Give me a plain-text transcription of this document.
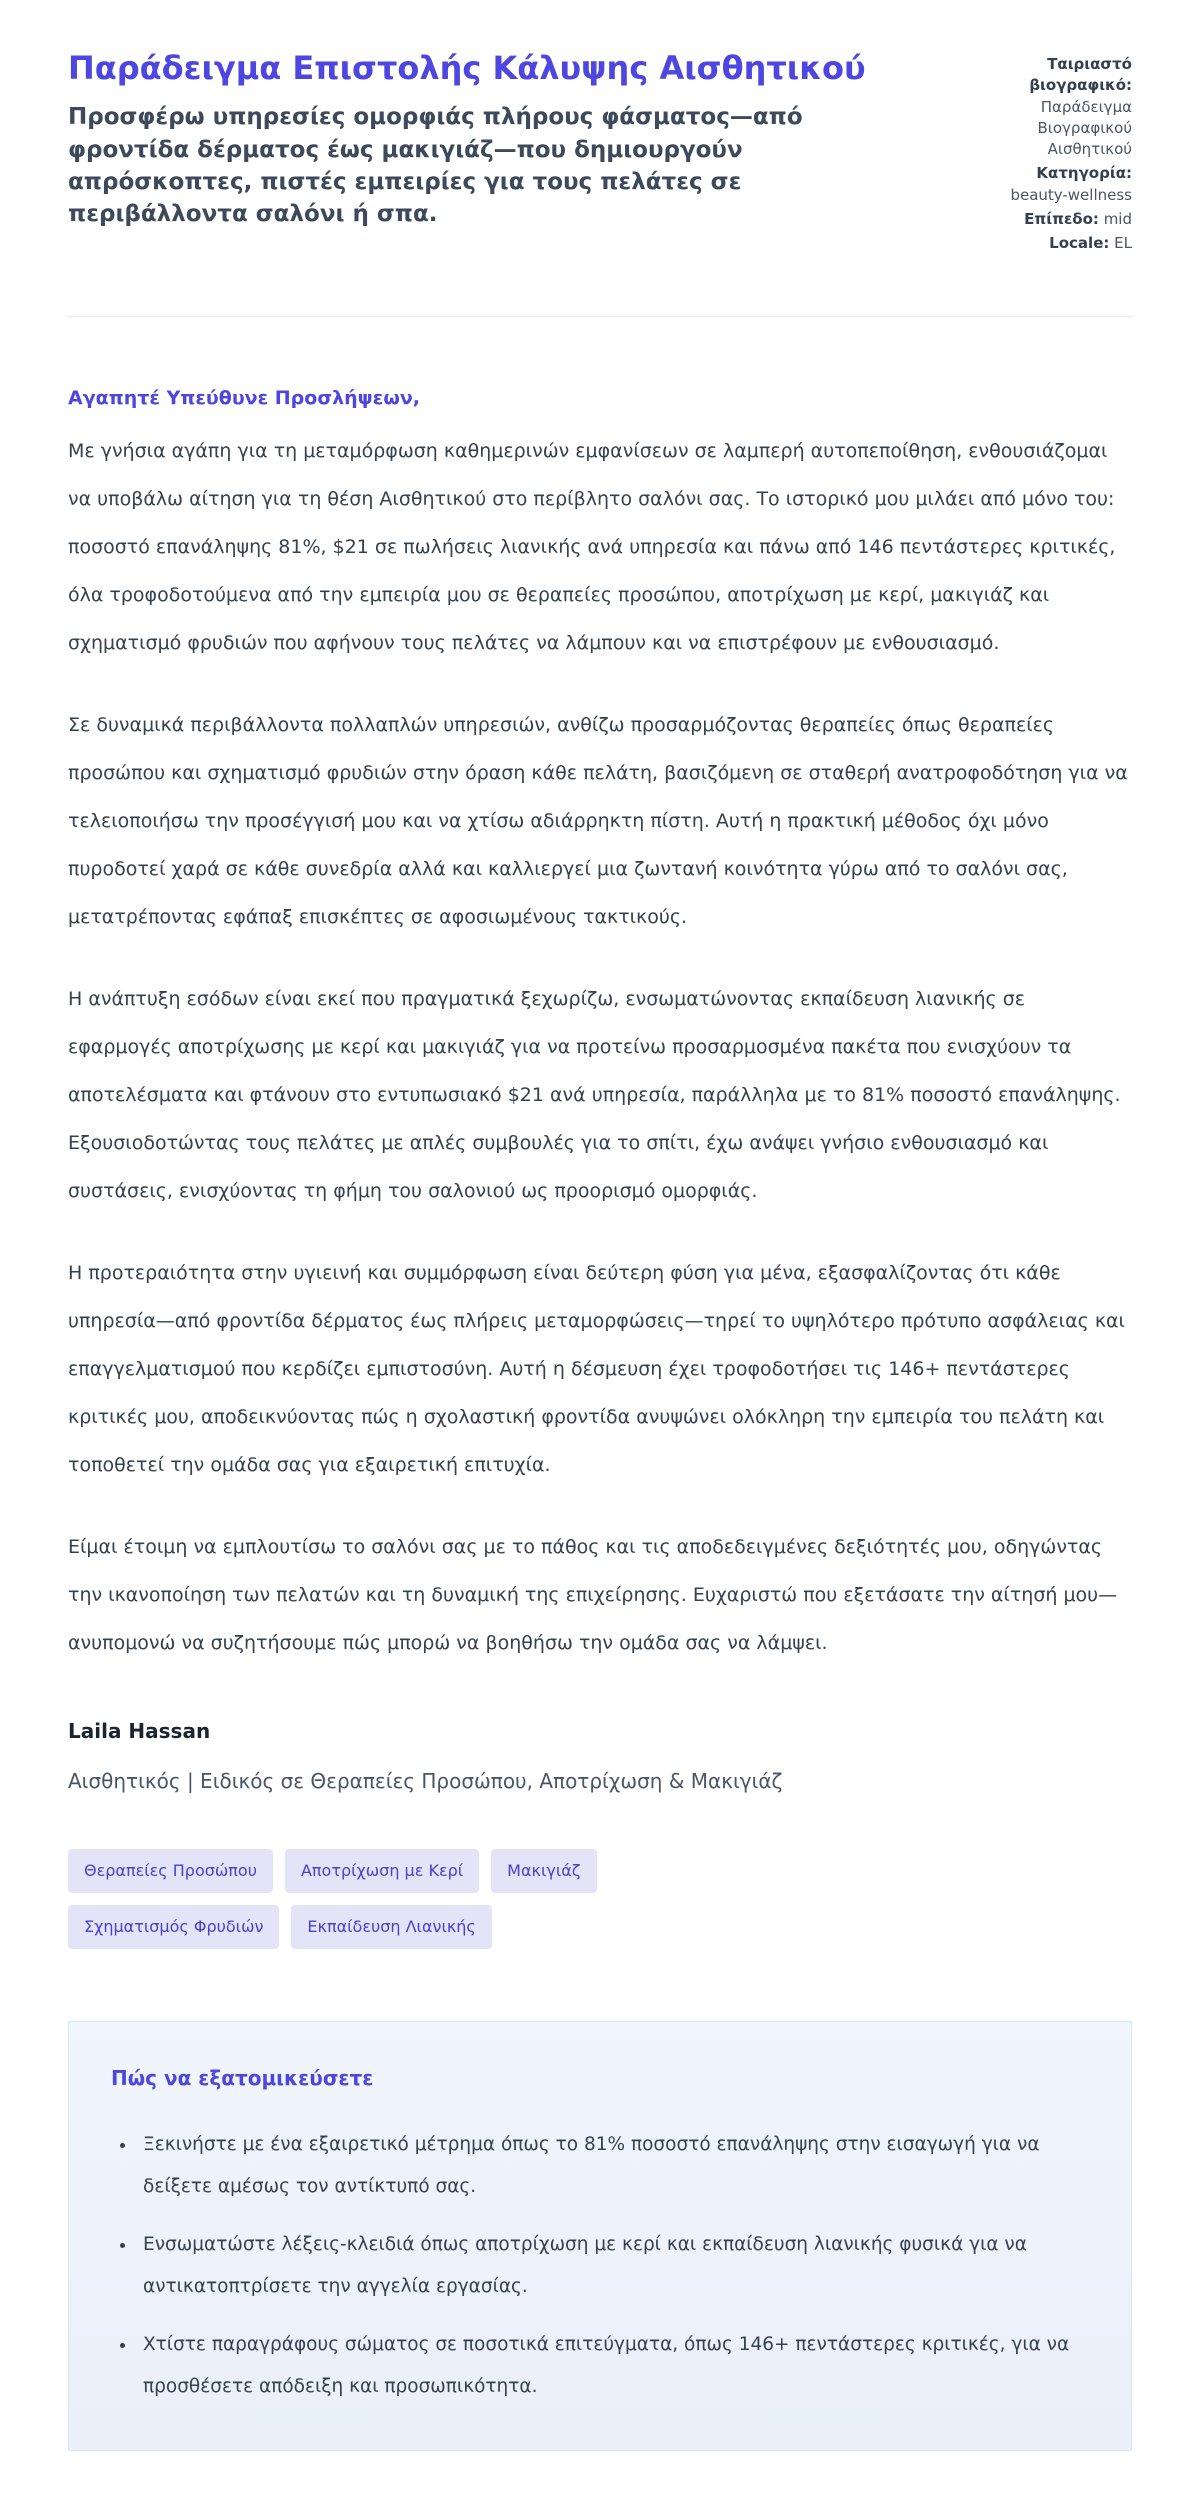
Παράδειγμα Επιστολής Κάλυψης Αισθητικού

Προσφέρω υπηρεσίες ομορφιάς πλήρους φάσματος—από φροντίδα δέρματος έως μακιγιάζ—που δημιουργούν απρόσκοπτες, πιστές εμπειρίες για τους πελάτες σε περιβάλλοντα σαλόνι ή σπα.

Ταιριαστό βιογραφικό: Παράδειγμα Βιογραφικού Αισθητικού
Κατηγορία: beauty-wellness
Επίπεδο: mid
Locale: EL

Αγαπητέ Υπεύθυνε Προσλήψεων,

Με γνήσια αγάπη για τη μεταμόρφωση καθημερινών εμφανίσεων σε λαμπερή αυτοπεποίθηση, ενθουσιάζομαι να υποβάλω αίτηση για τη θέση Αισθητικού στο περίβλητο σαλόνι σας. Το ιστορικό μου μιλάει από μόνο του: ποσοστό επανάληψης 81%, $21 σε πωλήσεις λιανικής ανά υπηρεσία και πάνω από 146 πεντάστερες κριτικές, όλα τροφοδοτούμενα από την εμπειρία μου σε θεραπείες προσώπου, αποτρίχωση με κερί, μακιγιάζ και σχηματισμό φρυδιών που αφήνουν τους πελάτες να λάμπουν και να επιστρέφουν με ενθουσιασμό.

Σε δυναμικά περιβάλλοντα πολλαπλών υπηρεσιών, ανθίζω προσαρμόζοντας θεραπείες όπως θεραπείες προσώπου και σχηματισμό φρυδιών στην όραση κάθε πελάτη, βασιζόμενη σε σταθερή ανατροφοδότηση για να τελειοποιήσω την προσέγγισή μου και να χτίσω αδιάρρηκτη πίστη. Αυτή η πρακτική μέθοδος όχι μόνο πυροδοτεί χαρά σε κάθε συνεδρία αλλά και καλλιεργεί μια ζωντανή κοινότητα γύρω από το σαλόνι σας, μετατρέποντας εφάπαξ επισκέπτες σε αφοσιωμένους τακτικούς.

Η ανάπτυξη εσόδων είναι εκεί που πραγματικά ξεχωρίζω, ενσωματώνοντας εκπαίδευση λιανικής σε εφαρμογές αποτρίχωσης με κερί και μακιγιάζ για να προτείνω προσαρμοσμένα πακέτα που ενισχύουν τα αποτελέσματα και φτάνουν στο εντυπωσιακό $21 ανά υπηρεσία, παράλληλα με το 81% ποσοστό επανάληψης. Εξουσιοδοτώντας τους πελάτες με απλές συμβουλές για το σπίτι, έχω ανάψει γνήσιο ενθουσιασμό και συστάσεις, ενισχύοντας τη φήμη του σαλονιού ως προορισμό ομορφιάς.

Η προτεραιότητα στην υγιεινή και συμμόρφωση είναι δεύτερη φύση για μένα, εξασφαλίζοντας ότι κάθε υπηρεσία—από φροντίδα δέρματος έως πλήρεις μεταμορφώσεις—τηρεί το υψηλότερο πρότυπο ασφάλειας και επαγγελματισμού που κερδίζει εμπιστοσύνη. Αυτή η δέσμευση έχει τροφοδοτήσει τις 146+ πεντάστερες κριτικές μου, αποδεικνύοντας πώς η σχολαστική φροντίδα ανυψώνει ολόκληρη την εμπειρία του πελάτη και τοποθετεί την ομάδα σας για εξαιρετική επιτυχία.

Είμαι έτοιμη να εμπλουτίσω το σαλόνι σας με το πάθος και τις αποδεδειγμένες δεξιότητές μου, οδηγώντας την ικανοποίηση των πελατών και τη δυναμική της επιχείρησης. Ευχαριστώ που εξετάσατε την αίτησή μου—ανυπομονώ να συζητήσουμε πώς μπορώ να βοηθήσω την ομάδα σας να λάμψει.

Laila Hassan

Αισθητικός | Ειδικός σε Θεραπείες Προσώπου, Αποτρίχωση & Μακιγιάζ

Θεραπείες Προσώπου	Αποτρίχωση με Κερί	Μακιγιάζ
Σχηματισμός Φρυδιών	Εκπαίδευση Λιανικής
Πώς να εξατομικεύσετε
• Ξεκινήστε με ένα εξαιρετικό μέτρημα όπως το 81% ποσοστό επανάληψης στην εισαγωγή για να δείξετε αμέσως τον αντίκτυπό σας.
• Ενσωματώστε λέξεις-κλειδιά όπως αποτρίχωση με κερί και εκπαίδευση λιανικής φυσικά για να αντικατοπτρίσετε την αγγελία εργασίας.
• Χτίστε παραγράφους σώματος σε ποσοτικά επιτεύγματα, όπως 146+ πεντάστερες κριτικές, για να προσθέσετε απόδειξη και προσωπικότητα.
